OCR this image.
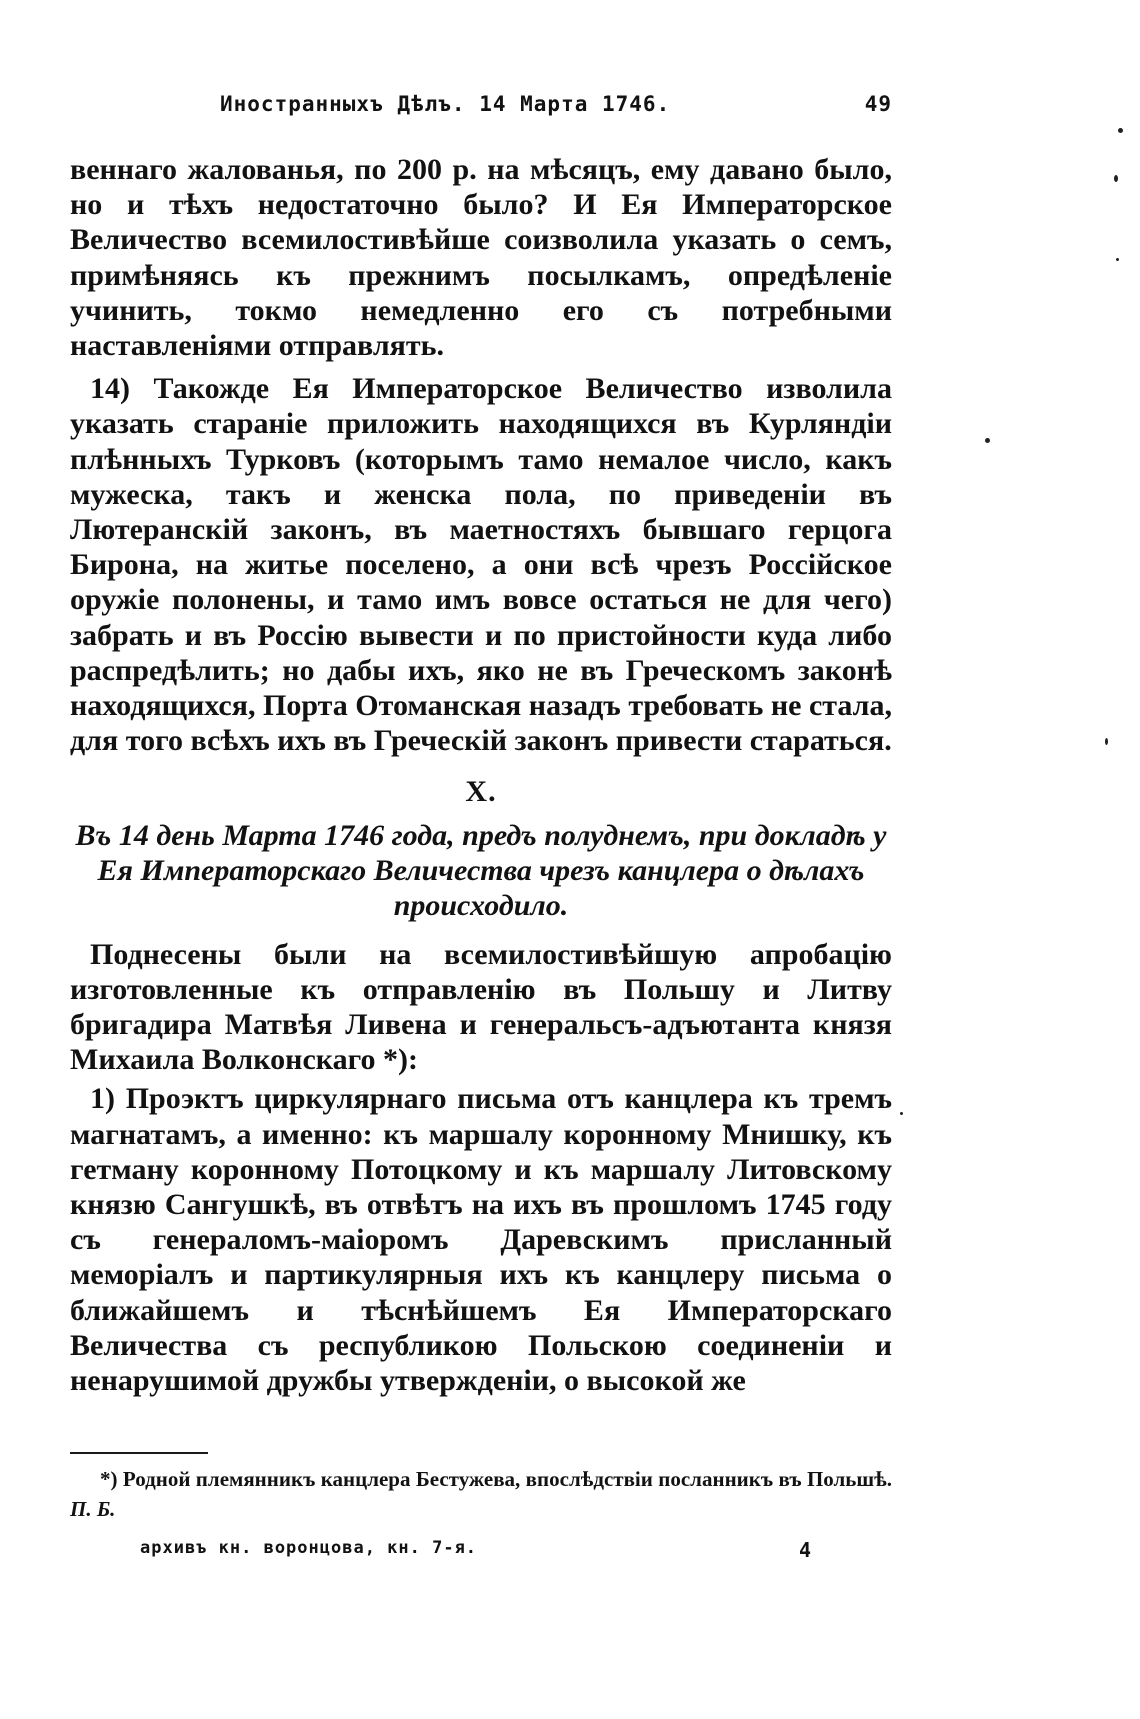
Иностранныхъ Дѣлъ. 14 Марта 1746.	49

веннаго жалованья, по 200 р. на мѣсяцъ, ему давано было, но и тѣхъ недостаточно было? И Ея Императорское Величество всемилостивѣйше соизволила указать о семъ, примѣняясь къ прежнимъ посылкамъ, опредѣленіе учинить, токмо немедленно его съ потребными наставленіями отправлять.

14) Такожде Ея Императорское Величество изволила указать стараніе приложить находящихся въ Курляндіи плѣнныхъ Турковъ (которымъ тамо немалое число, какъ мужеска, такъ и женска пола, по приведеніи въ Лютеранскій законъ, въ маетностяхъ бывшаго герцога Бирона, на житье поселено, а они всѣ чрезъ Россійское оружіе полонены, и тамо имъ вовсе остаться не для чего) забрать и въ Россію вывести и по пристойности куда либо распредѣлить; но дабы ихъ, яко не въ Греческомъ законѣ находящихся, Порта Отоманская назадъ требовать не стала, для того всѣхъ ихъ въ Греческій законъ привести стараться.

X.

Въ 14 день Марта 1746 года, предъ полуднемъ, при докладѣ у Ея Императорскаго Величества чрезъ канцлера о дѣлахъ происходило.

Поднесены были на всемилостивѣйшую апробацію изготовленные къ отправленію въ Польшу и Литву бригадира Матвѣя Ливена и генеральсъ-адъютанта князя Михаила Волконскаго *):

1) Проэктъ циркулярнаго письма отъ канцлера къ тремъ магнатамъ, а именно: къ маршалу коронному Мнишку, къ гетману коронному Потоцкому и къ маршалу Литовскому князю Сангушкѣ, въ отвѣтъ на ихъ въ прошломъ 1745 году съ генераломъ-маіоромъ Даревскимъ присланный меморіалъ и партикулярныя ихъ къ канцлеру письма о ближайшемъ и тѣснѣйшемъ Ея Императорскаго Величества съ республикою Польскою соединеніи и ненарушимой дружбы утвержденіи, о высокой же

*) Родной племянникъ канцлера Бестужева, впослѣдствіи посланникъ въ Польшѣ. П. Б.
архивъ кн. воронцова, кн. 7-я.	4
